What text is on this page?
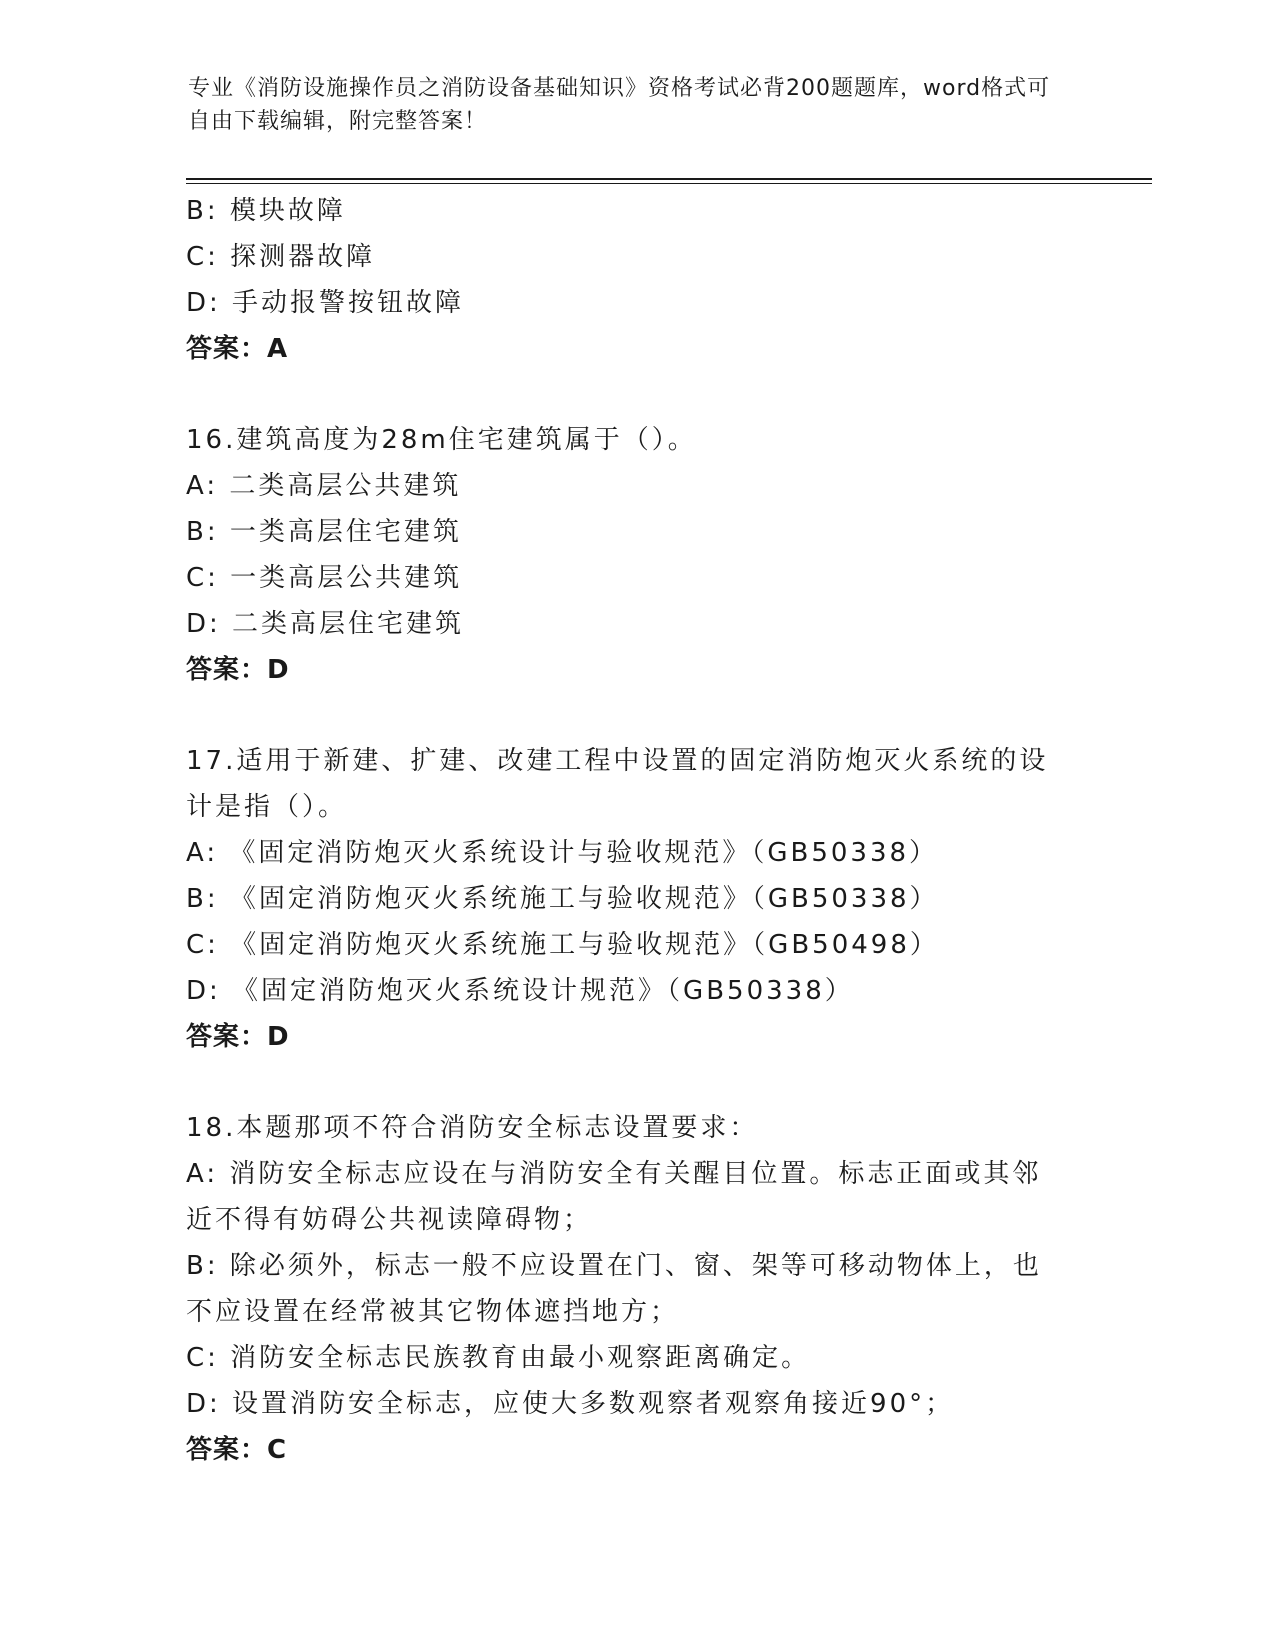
专业《消防设施操作员之消防设备基础知识》资格考试必背200题题库，word格式可自由下载编辑，附完整答案！
B: 模块故障
C: 探测器故障
D: 手动报警按钮故障
答案：A
16.建筑高度为28m住宅建筑属于（）。
A: 二类高层公共建筑
B: 一类高层住宅建筑
C: 一类高层公共建筑
D: 二类高层住宅建筑
答案：D
17.适用于新建、扩建、改建工程中设置的固定消防炮灭火系统的设计是指（）。
A: 《固定消防炮灭火系统设计与验收规范》（GB50338）
B: 《固定消防炮灭火系统施工与验收规范》（GB50338）
C: 《固定消防炮灭火系统施工与验收规范》（GB50498）
D: 《固定消防炮灭火系统设计规范》（GB50338）
答案：D
18.本题那项不符合消防安全标志设置要求：
A: 消防安全标志应设在与消防安全有关醒目位置。标志正面或其邻近不得有妨碍公共视读障碍物；
B: 除必须外，标志一般不应设置在门、窗、架等可移动物体上，也不应设置在经常被其它物体遮挡地方；
C: 消防安全标志民族教育由最小观察距离确定。
D: 设置消防安全标志，应使大多数观察者观察角接近90°；
答案：C
